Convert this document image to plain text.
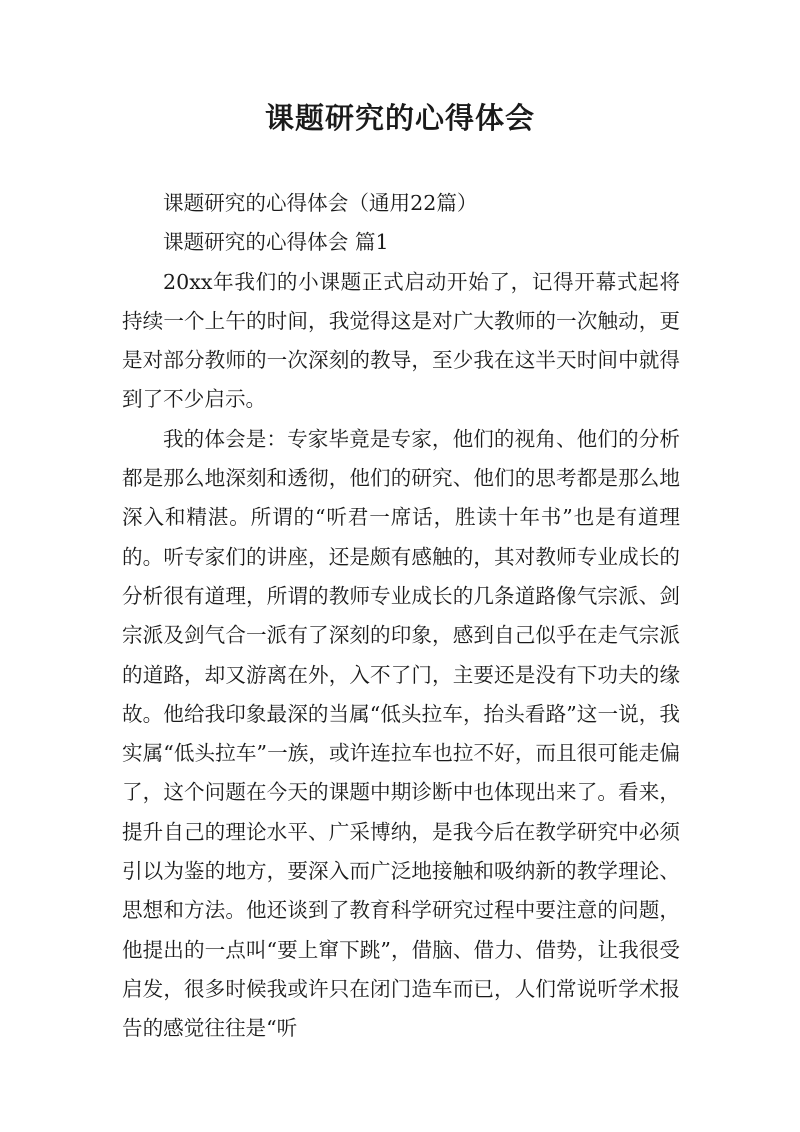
课题研究的心得体会

课题研究的心得体会（通用22篇）

课题研究的心得体会 篇1

20xx年我们的小课题正式启动开始了，记得开幕式起将持续一个上午的时间，我觉得这是对广大教师的一次触动，更是对部分教师的一次深刻的教导，至少我在这半天时间中就得到了不少启示。

我的体会是：专家毕竟是专家，他们的视角、他们的分析都是那么地深刻和透彻，他们的研究、他们的思考都是那么地深入和精湛。所谓的“听君一席话，胜读十年书”也是有道理的。听专家们的讲座，还是颇有感触的，其对教师专业成长的分析很有道理，所谓的教师专业成长的几条道路像气宗派、剑宗派及剑气合一派有了深刻的印象，感到自己似乎在走气宗派的道路，却又游离在外，入不了门，主要还是没有下功夫的缘故。他给我印象最深的当属“低头拉车，抬头看路”这一说，我实属“低头拉车”一族，或许连拉车也拉不好，而且很可能走偏了，这个问题在今天的课题中期诊断中也体现出来了。看来，提升自己的理论水平、广采博纳，是我今后在教学研究中必须引以为鉴的地方，要深入而广泛地接触和吸纳新的教学理论、思想和方法。他还谈到了教育科学研究过程中要注意的问题，他提出的一点叫“要上窜下跳”，借脑、借力、借势，让我很受启发，很多时候我或许只在闭门造车而已，人们常说听学术报告的感觉往往是“听
